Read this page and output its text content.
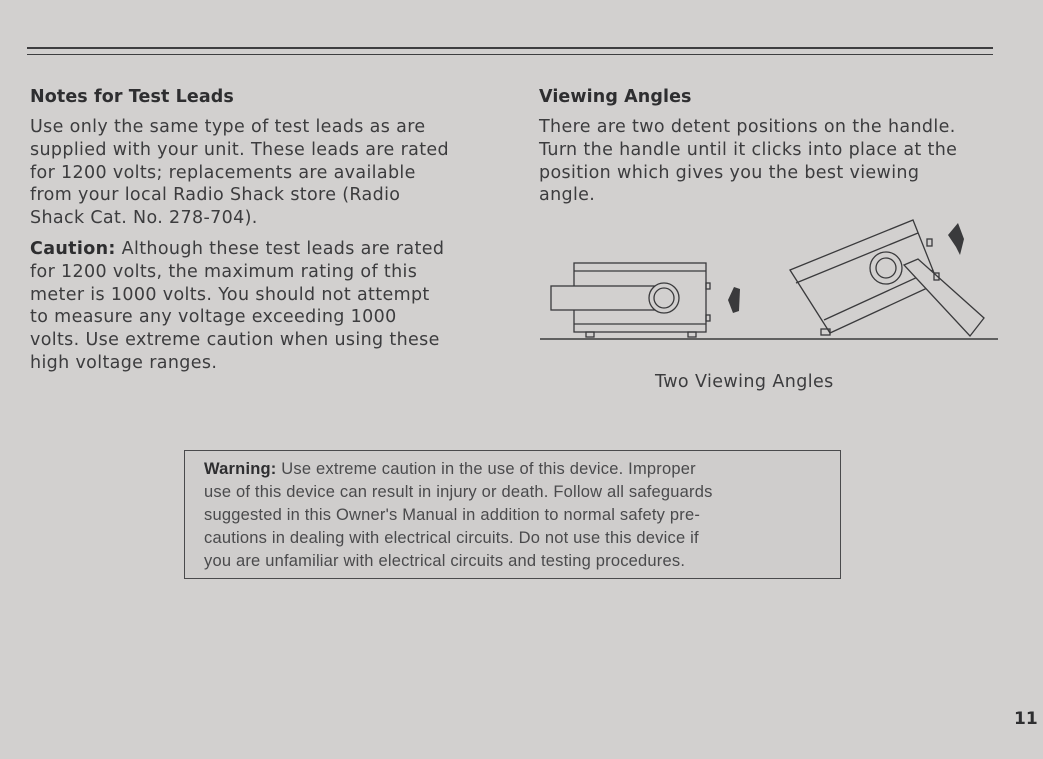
Notes for Test Leads
Use only the same type of test leads as are
supplied with your unit. These leads are rated
for 1200 volts; replacements are available
from your local Radio Shack store (Radio
Shack Cat. No. 278-704).
Caution: Although these test leads are rated
for 1200 volts, the maximum rating of this
meter is 1000 volts. You should not attempt
to measure any voltage exceeding 1000
volts. Use extreme caution when using these
high voltage ranges.
Viewing Angles
There are two detent positions on the handle.
Turn the handle until it clicks into place at the
position which gives you the best viewing
angle.
Two Viewing Angles
Warning: Use extreme caution in the use of this device. Improper
use of this device can result in injury or death. Follow all safeguards
suggested in this Owner's Manual in addition to normal safety pre-
cautions in dealing with electrical circuits. Do not use this device if
you are unfamiliar with electrical circuits and testing procedures.
11
